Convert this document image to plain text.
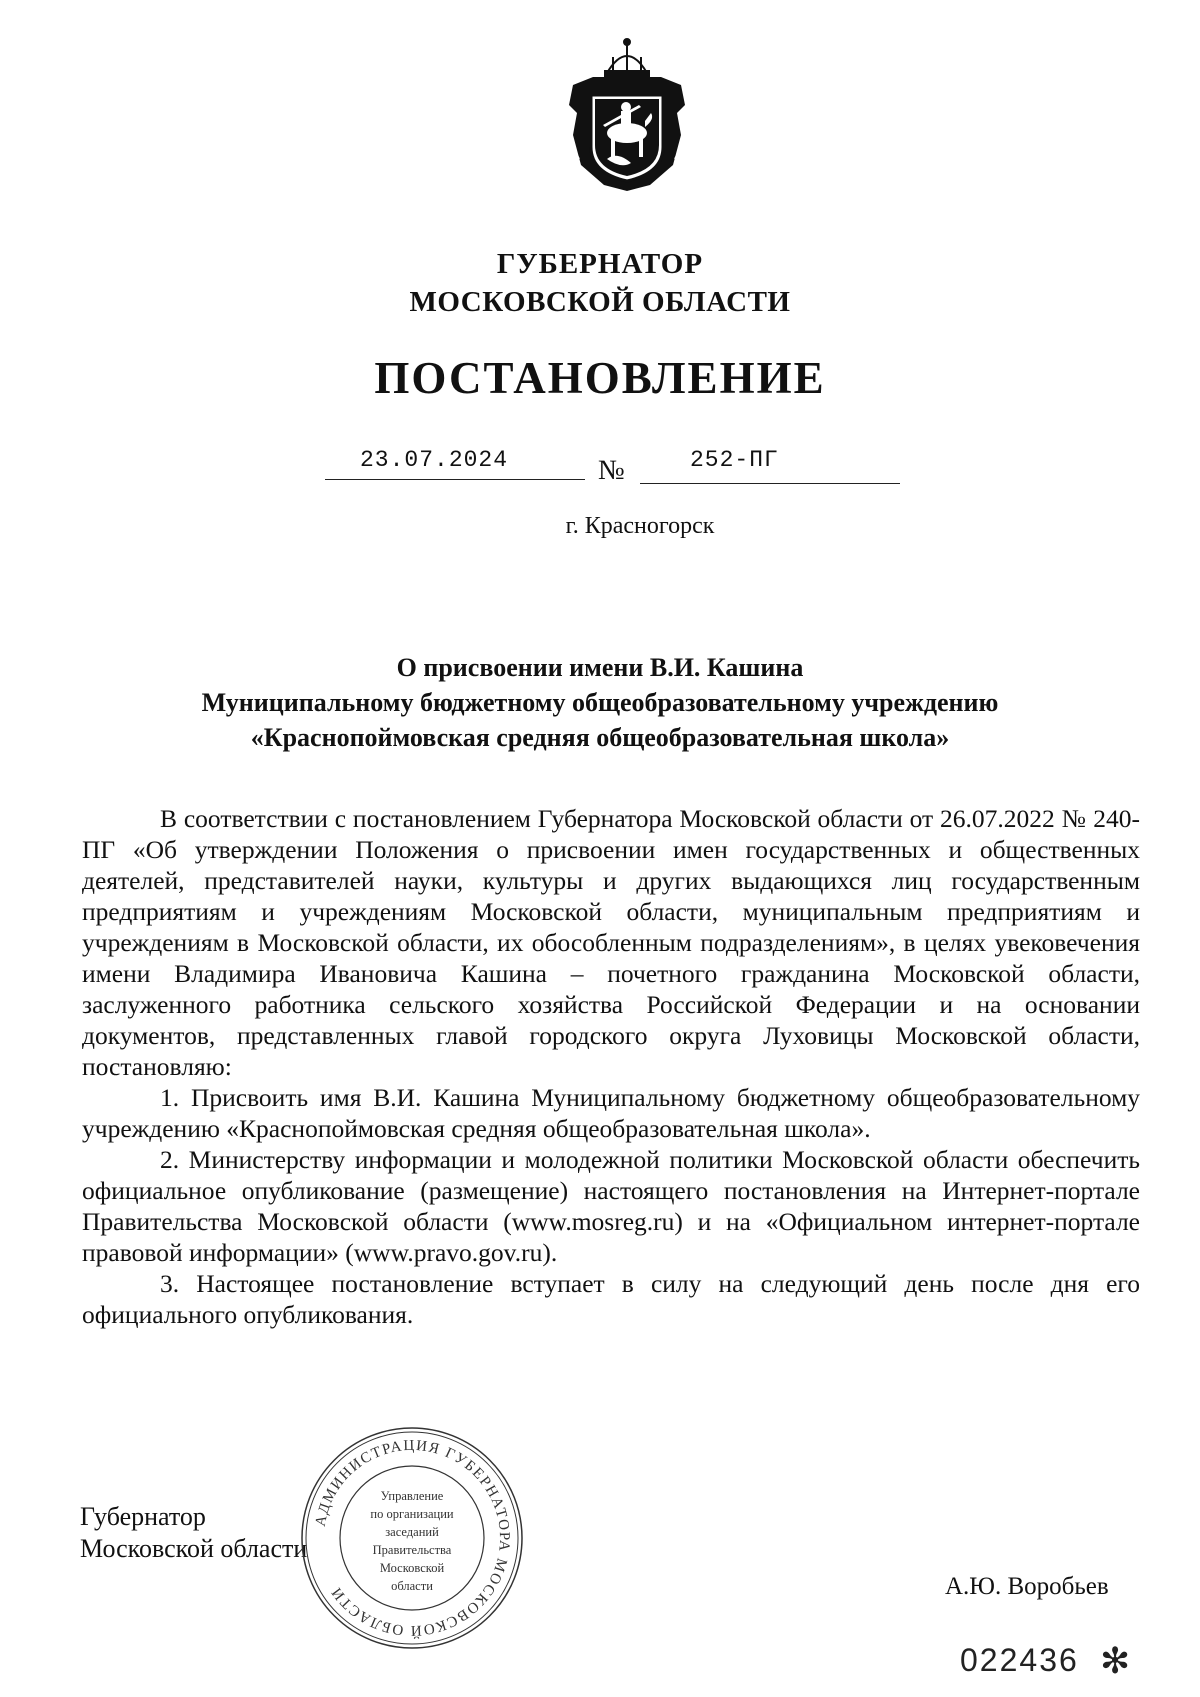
ГУБЕРНАТОР
МОСКОВСКОЙ ОБЛАСТИ
ПОСТАНОВЛЕНИЕ
23.07.2024	№	252-ПГ
г. Красногорск
О присвоении имени В.И. Кашина
Муниципальному бюджетному общеобразовательному учреждению
«Краснопоймовская средняя общеобразовательная школа»

В соответствии с постановлением Губернатора Московской области от 26.07.2022 № 240-ПГ «Об утверждении Положения о присвоении имен государственных и общественных деятелей, представителей науки, культуры и других выдающихся лиц государственным предприятиям и учреждениям Московской области, муниципальным предприятиям и учреждениям в Московской области, их обособленным подразделениям», в целях увековечения имени Владимира Ивановича Кашина – почетного гражданина Московской области, заслуженного работника сельского хозяйства Российской Федерации и на основании документов, представленных главой городского округа Луховицы Московской области, постановляю:

1. Присвоить имя В.И. Кашина Муниципальному бюджетному общеобразовательному учреждению «Краснопоймовская средняя общеобразовательная школа».

2. Министерству информации и молодежной политики Московской области обеспечить официальное опубликование (размещение) настоящего постановления на Интернет-портале Правительства Московской области (www.mosreg.ru) и на «Официальном интернет-портале правовой информации» (www.pravo.gov.ru).

3. Настоящее постановление вступает в силу на следующий день после дня его официального опубликования.

Губернатор
Московской области
АДМИНИСТРАЦИЯ ГУБЕРНАТОРА МОСКОВСКОЙ ОБЛАСТИ
Управление
по организации
заседаний
Правительства
Московской
области	А.Ю. Воробьев
022436 ✻
